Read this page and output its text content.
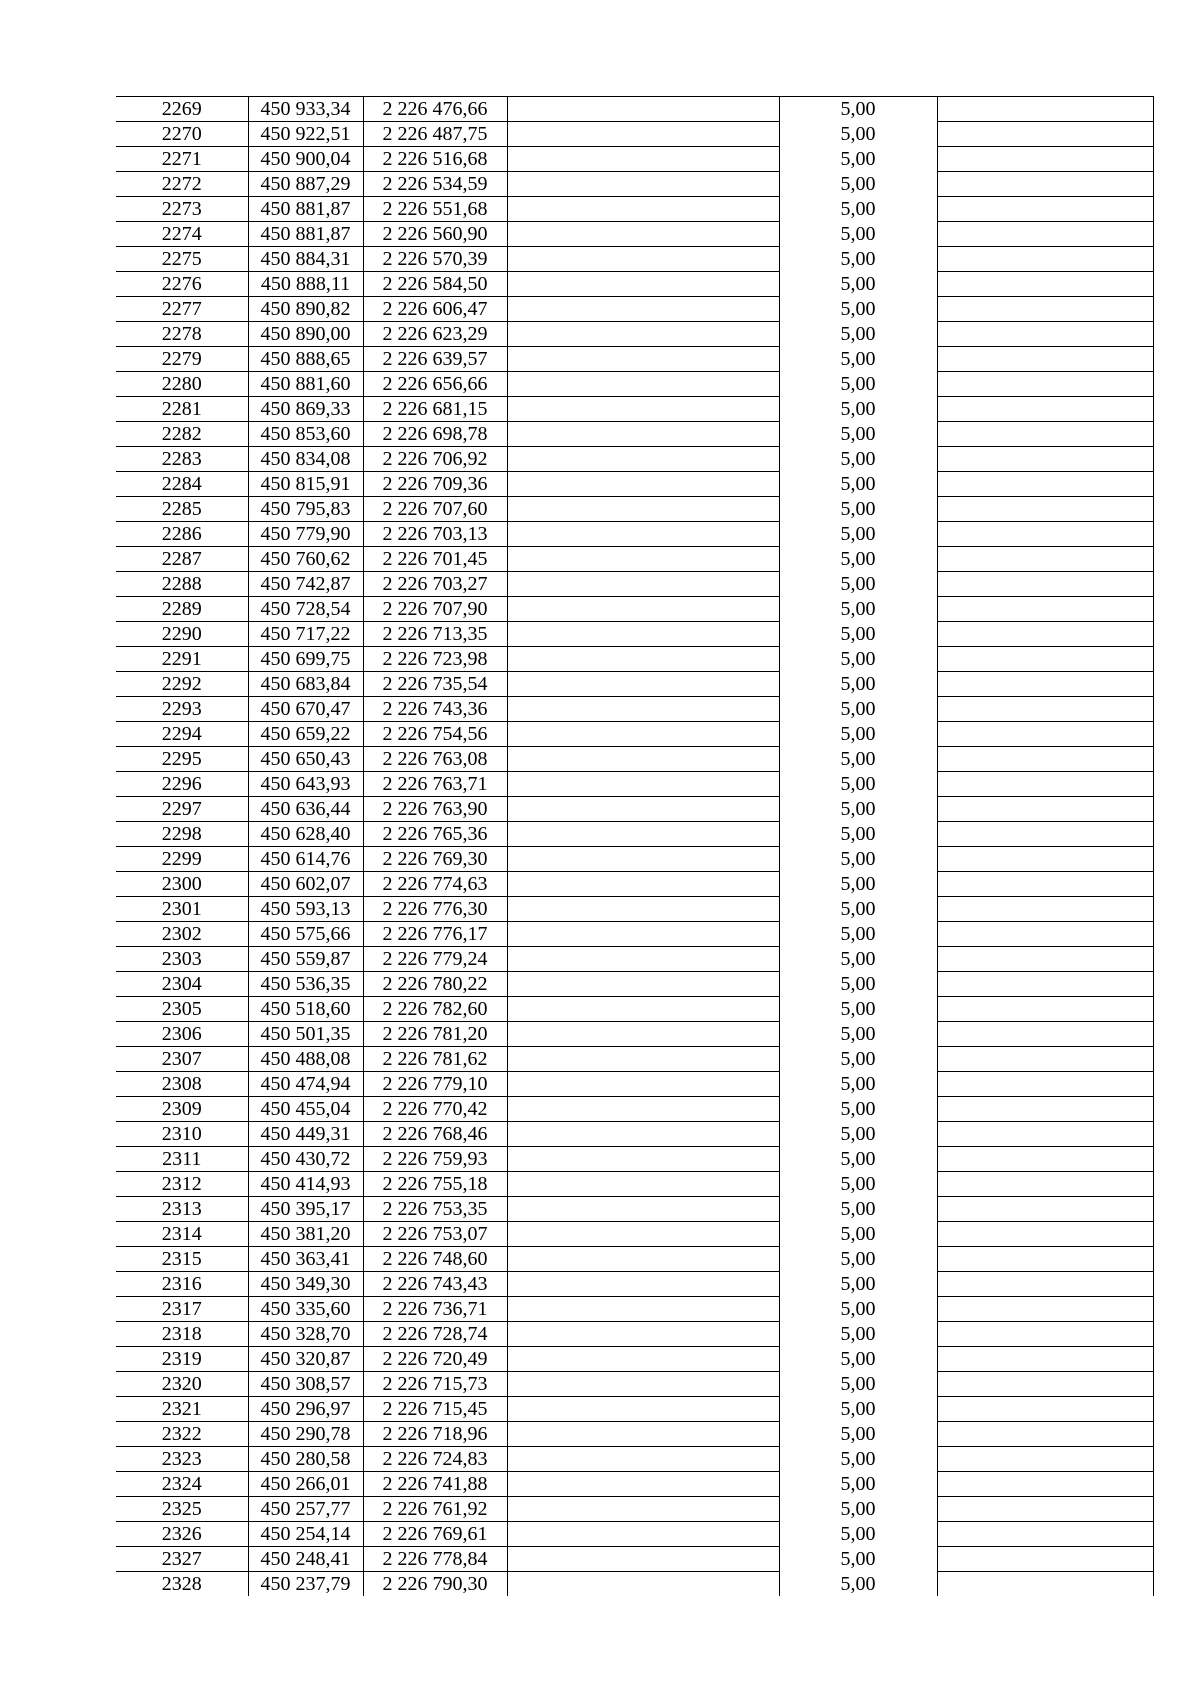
2269	450 933,34	2 226 476,66		5,00	
2270	450 922,51	2 226 487,75		5,00	
2271	450 900,04	2 226 516,68		5,00	
2272	450 887,29	2 226 534,59		5,00	
2273	450 881,87	2 226 551,68		5,00	
2274	450 881,87	2 226 560,90		5,00	
2275	450 884,31	2 226 570,39		5,00	
2276	450 888,11	2 226 584,50		5,00	
2277	450 890,82	2 226 606,47		5,00	
2278	450 890,00	2 226 623,29		5,00	
2279	450 888,65	2 226 639,57		5,00	
2280	450 881,60	2 226 656,66		5,00	
2281	450 869,33	2 226 681,15		5,00	
2282	450 853,60	2 226 698,78		5,00	
2283	450 834,08	2 226 706,92		5,00	
2284	450 815,91	2 226 709,36		5,00	
2285	450 795,83	2 226 707,60		5,00	
2286	450 779,90	2 226 703,13		5,00	
2287	450 760,62	2 226 701,45		5,00	
2288	450 742,87	2 226 703,27		5,00	
2289	450 728,54	2 226 707,90		5,00	
2290	450 717,22	2 226 713,35		5,00	
2291	450 699,75	2 226 723,98		5,00	
2292	450 683,84	2 226 735,54		5,00	
2293	450 670,47	2 226 743,36		5,00	
2294	450 659,22	2 226 754,56		5,00	
2295	450 650,43	2 226 763,08		5,00	
2296	450 643,93	2 226 763,71		5,00	
2297	450 636,44	2 226 763,90		5,00	
2298	450 628,40	2 226 765,36		5,00	
2299	450 614,76	2 226 769,30		5,00	
2300	450 602,07	2 226 774,63		5,00	
2301	450 593,13	2 226 776,30		5,00	
2302	450 575,66	2 226 776,17		5,00	
2303	450 559,87	2 226 779,24		5,00	
2304	450 536,35	2 226 780,22		5,00	
2305	450 518,60	2 226 782,60		5,00	
2306	450 501,35	2 226 781,20		5,00	
2307	450 488,08	2 226 781,62		5,00	
2308	450 474,94	2 226 779,10		5,00	
2309	450 455,04	2 226 770,42		5,00	
2310	450 449,31	2 226 768,46		5,00	
2311	450 430,72	2 226 759,93		5,00	
2312	450 414,93	2 226 755,18		5,00	
2313	450 395,17	2 226 753,35		5,00	
2314	450 381,20	2 226 753,07		5,00	
2315	450 363,41	2 226 748,60		5,00	
2316	450 349,30	2 226 743,43		5,00	
2317	450 335,60	2 226 736,71		5,00	
2318	450 328,70	2 226 728,74		5,00	
2319	450 320,87	2 226 720,49		5,00	
2320	450 308,57	2 226 715,73		5,00	
2321	450 296,97	2 226 715,45		5,00	
2322	450 290,78	2 226 718,96		5,00	
2323	450 280,58	2 226 724,83		5,00	
2324	450 266,01	2 226 741,88		5,00	
2325	450 257,77	2 226 761,92		5,00	
2326	450 254,14	2 226 769,61		5,00	
2327	450 248,41	2 226 778,84		5,00	
2328	450 237,79	2 226 790,30		5,00	
